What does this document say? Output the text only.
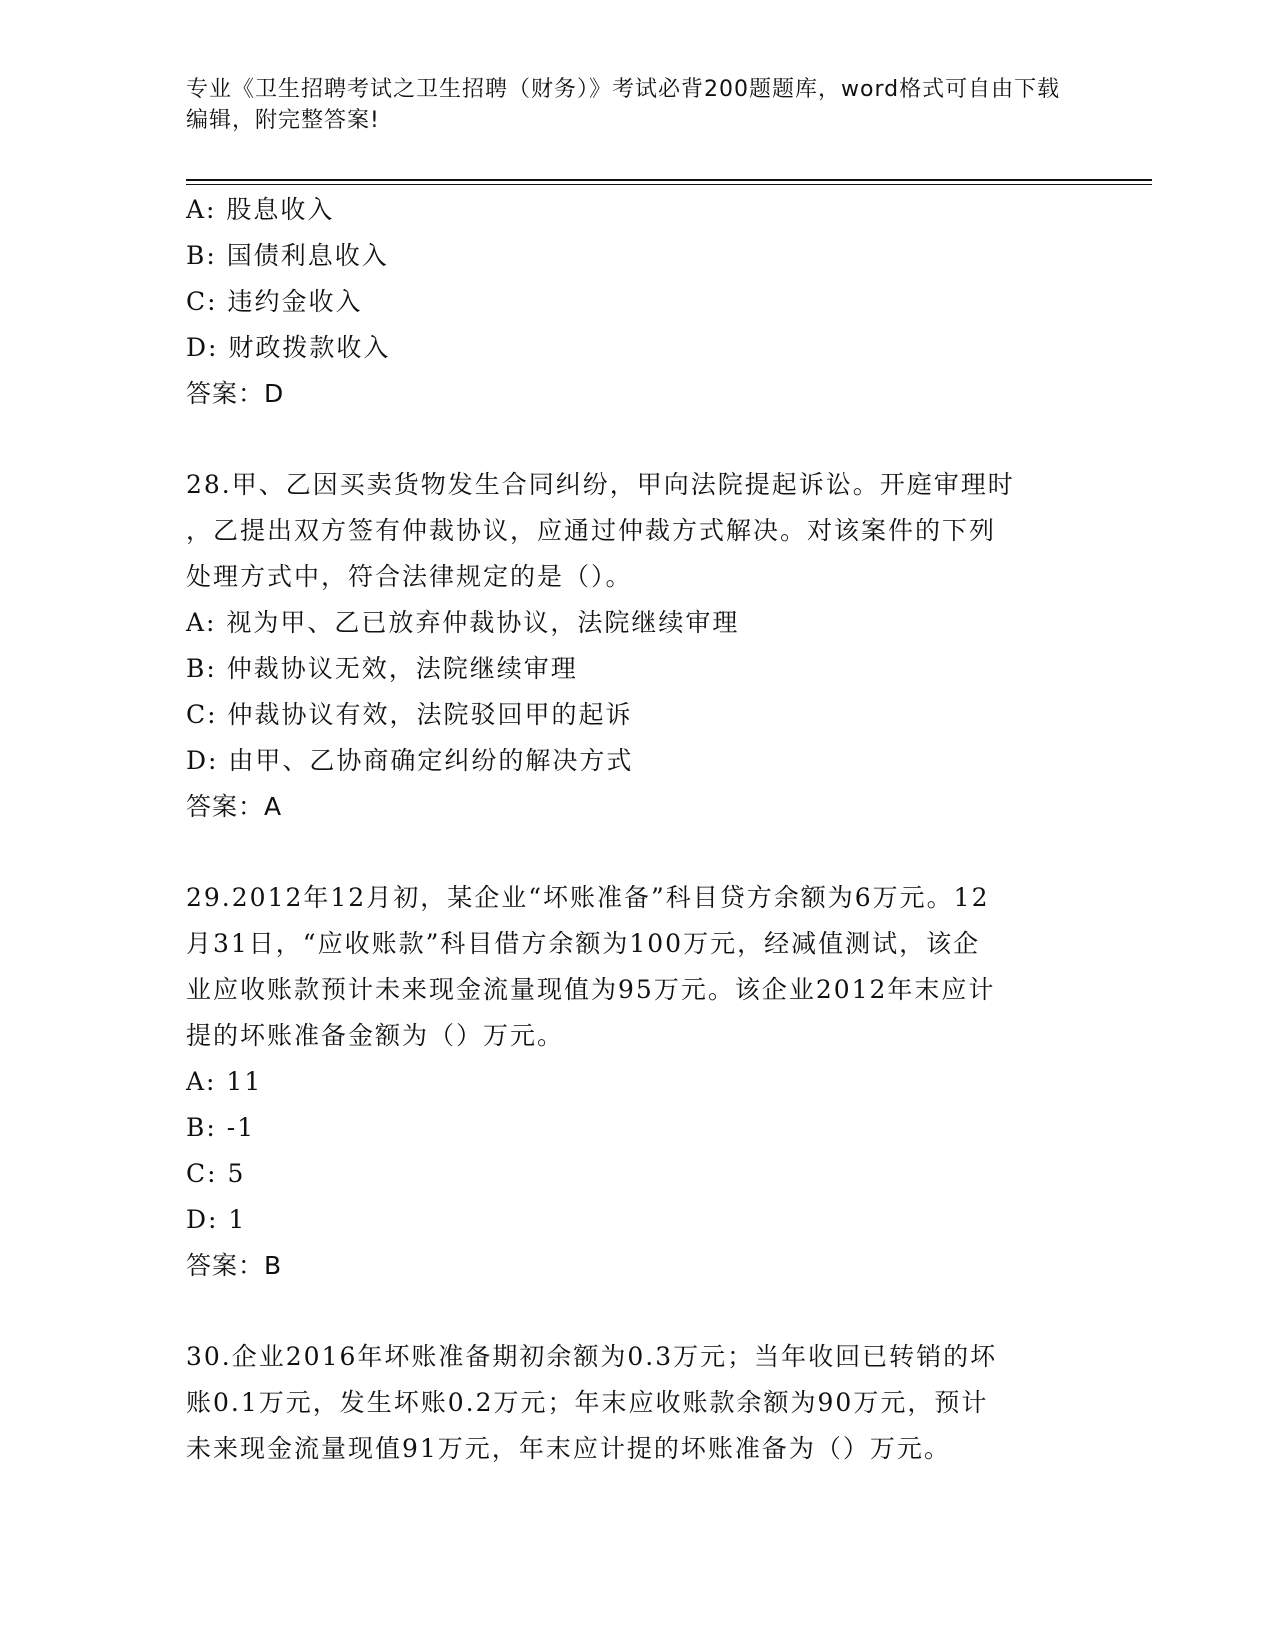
专业《卫生招聘考试之卫生招聘（财务）》考试必背200题题库，word格式可自由下载编辑，附完整答案!
A: 股息收入
B: 国债利息收入
C: 违约金收入
D: 财政拨款收入
答案：D
28.甲、乙因买卖货物发生合同纠纷，甲向法院提起诉讼。开庭审理时
，乙提出双方签有仲裁协议，应通过仲裁方式解决。对该案件的下列
处理方式中，符合法律规定的是（）。
A: 视为甲、乙已放弃仲裁协议，法院继续审理
B: 仲裁协议无效，法院继续审理
C: 仲裁协议有效，法院驳回甲的起诉
D: 由甲、乙协商确定纠纷的解决方式
答案：A
29.2012年12月初，某企业“坏账准备”科目贷方余额为6万元。12
月31日，“应收账款”科目借方余额为100万元，经减值测试，该企
业应收账款预计未来现金流量现值为95万元。该企业2012年末应计
提的坏账准备金额为（）万元。
A: 11
B: -1
C: 5
D: 1
答案：B
30.企业2016年坏账准备期初余额为0.3万元；当年收回已转销的坏
账0.1万元，发生坏账0.2万元；年末应收账款余额为90万元，预计
未来现金流量现值91万元，年末应计提的坏账准备为（）万元。
